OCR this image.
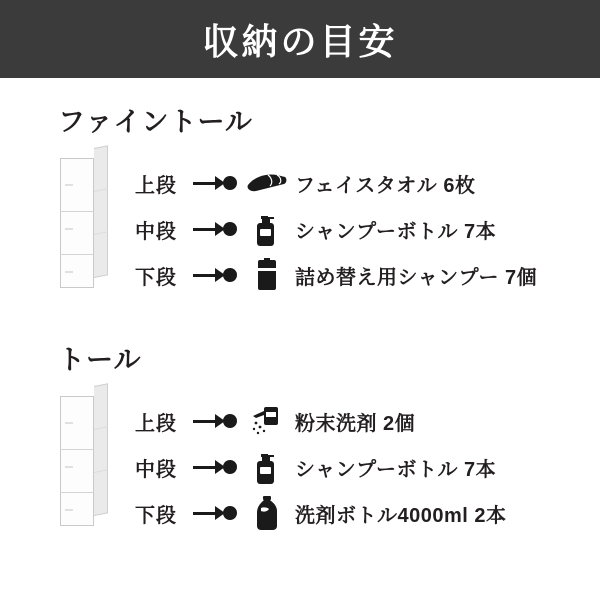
収納の目安
ファイントール
上段	フェイスタオル 6枚
中段	シャンプーボトル 7本
下段	詰め替え用シャンプー 7個
トール
上段	粉末洗剤 2個
中段	シャンプーボトル 7本
下段	洗剤ボトル4000ml 2本
